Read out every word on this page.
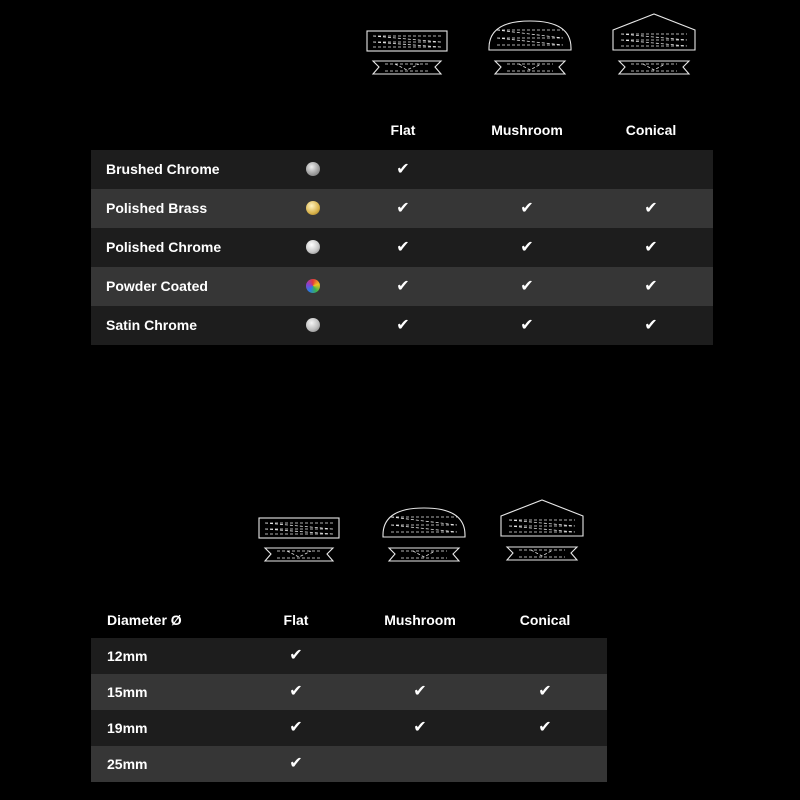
Flat	Mushroom	Conical
Brushed Chrome	✔
Polished Brass	✔	✔	✔
Polished Chrome	✔	✔	✔
Powder Coated	✔	✔	✔
Satin Chrome	✔	✔	✔
Diameter Ø	Flat	Mushroom	Conical
12mm	✔
15mm	✔	✔	✔
19mm	✔	✔	✔
25mm	✔
